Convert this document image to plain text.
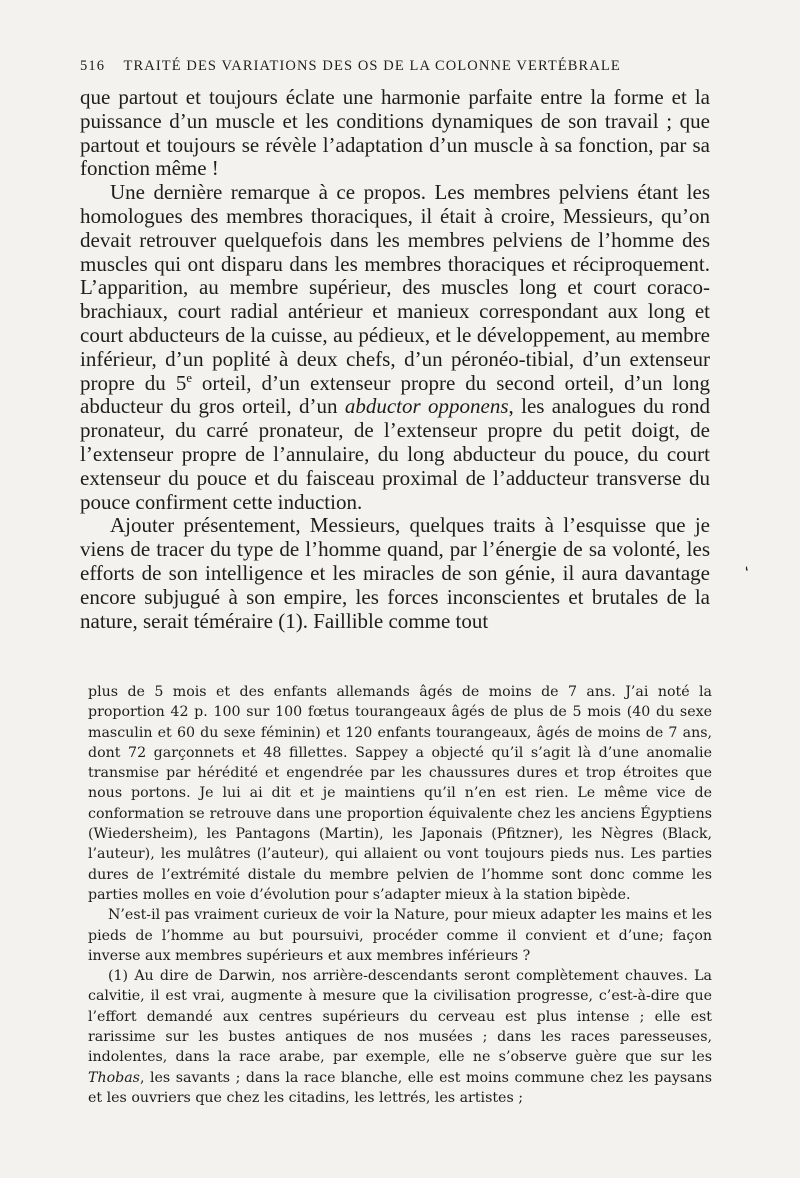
516 TRAITÉ DES VARIATIONS DES OS DE LA COLONNE VERTÉBRALE

que partout et toujours éclate une harmonie parfaite entre la forme et la puissance d’un muscle et les conditions dynamiques de son travail ; que partout et toujours se révèle l’adaptation d’un muscle à sa fonction, par sa fonction même !

Une dernière remarque à ce propos. Les membres pelviens étant les homologues des membres thoraciques, il était à croire, Messieurs, qu’on devait retrouver quelquefois dans les membres pelviens de l’homme des muscles qui ont disparu dans les membres thoraciques et réciproquement. L’apparition, au membre supérieur, des muscles long et court coraco-brachiaux, court radial antérieur et manieux correspondant aux long et court abducteurs de la cuisse, au pédieux, et le développement, au membre inférieur, d’un poplité à deux chefs, d’un péronéo-tibial, d’un extenseur propre du 5e orteil, d’un extenseur propre du second orteil, d’un long abducteur du gros orteil, d’un abductor opponens, les analogues du rond pronateur, du carré pronateur, de l’extenseur propre du petit doigt, de l’extenseur propre de l’annulaire, du long abducteur du pouce, du court extenseur du pouce et du faisceau proximal de l’adducteur transverse du pouce confirment cette induction.

Ajouter présentement, Messieurs, quelques traits à l’esquisse que je viens de tracer du type de l’homme quand, par l’énergie de sa volonté, les efforts de son intelligence et les miracles de son génie, il aura davantage encore subjugué à son empire, les forces inconscientes et brutales de la nature, serait téméraire (1). Faillible comme tout

‘

plus de 5 mois et des enfants allemands âgés de moins de 7 ans. J’ai noté la proportion 42 p. 100 sur 100 fœtus tourangeaux âgés de plus de 5 mois (40 du sexe masculin et 60 du sexe féminin) et 120 enfants tourangeaux, âgés de moins de 7 ans, dont 72 garçonnets et 48 fillettes. Sappey a objecté qu’il s’agit là d’une anomalie transmise par hérédité et engendrée par les chaussures dures et trop étroites que nous portons. Je lui ai dit et je maintiens qu’il n’en est rien. Le même vice de conformation se retrouve dans une proportion équivalente chez les anciens Égyptiens (Wiedersheim), les Pantagons (Martin), les Japonais (Pfitzner), les Nègres (Black, l’auteur), les mulâtres (l’auteur), qui allaient ou vont toujours pieds nus. Les parties dures de l’extrémité distale du membre pelvien de l’homme sont donc comme les parties molles en voie d’évolution pour s’adapter mieux à la station bipède.

N’est-il pas vraiment curieux de voir la Nature, pour mieux adapter les mains et les pieds de l’homme au but poursuivi, procéder comme il convient et d’une; façon inverse aux membres supérieurs et aux membres inférieurs ?

(1) Au dire de Darwin, nos arrière-descendants seront complètement chauves. La calvitie, il est vrai, augmente à mesure que la civilisation progresse, c’est-à-dire que l’effort demandé aux centres supérieurs du cerveau est plus intense ; elle est rarissime sur les bustes antiques de nos musées ; dans les races paresseuses, indolentes, dans la race arabe, par exemple, elle ne s’observe guère que sur les Thobas, les savants ; dans la race blanche, elle est moins commune chez les paysans et les ouvriers que chez les citadins, les lettrés, les artistes ;
